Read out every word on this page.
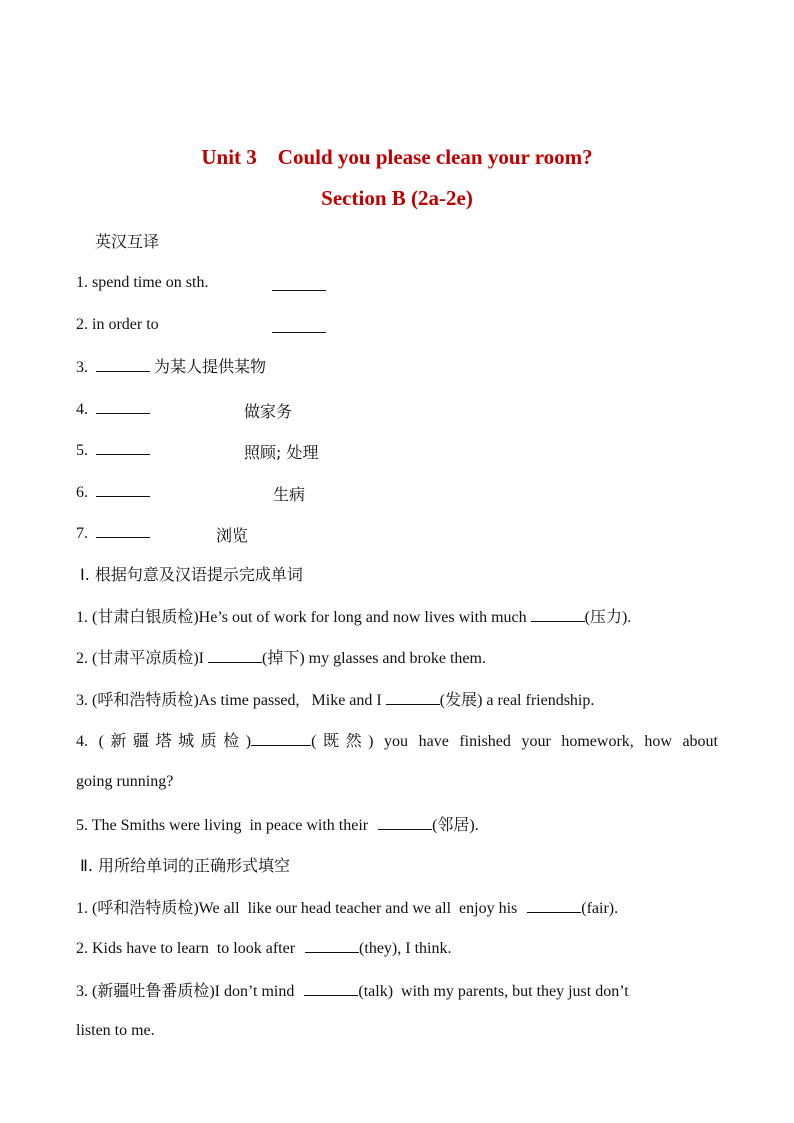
Unit 3    Could you please clean your room?
Section B (2a-2e)
英汉互译
1. spend time on sth.
2. in order to
3.	为某人提供某物
4.	做家务
5.	照顾; 处理
6.	生病
7.	浏览
Ⅰ. 根据句意及汉语提示完成单词
1. (甘肃白银质检)He’s out of work for long and now lives with much	(压力).
2. (甘肃平凉质检)I	(掉下) my glasses and broke them.
3. (呼和浩特质检)As time passed,   Mike and I	(发展) a real friendship.
4. (新疆塔城质检)	(既然) you have finished your homework, how about
going running?
5. The Smiths were living  in peace with their	(邻居).
Ⅱ. 用所给单词的正确形式填空
1. (呼和浩特质检)We all  like our head teacher and we all  enjoy his	(fair).
2. Kids have to learn  to look after	(they), I think.
3. (新疆吐鲁番质检)I don’t mind	(talk)  with my parents, but they just don’t
listen to me.
